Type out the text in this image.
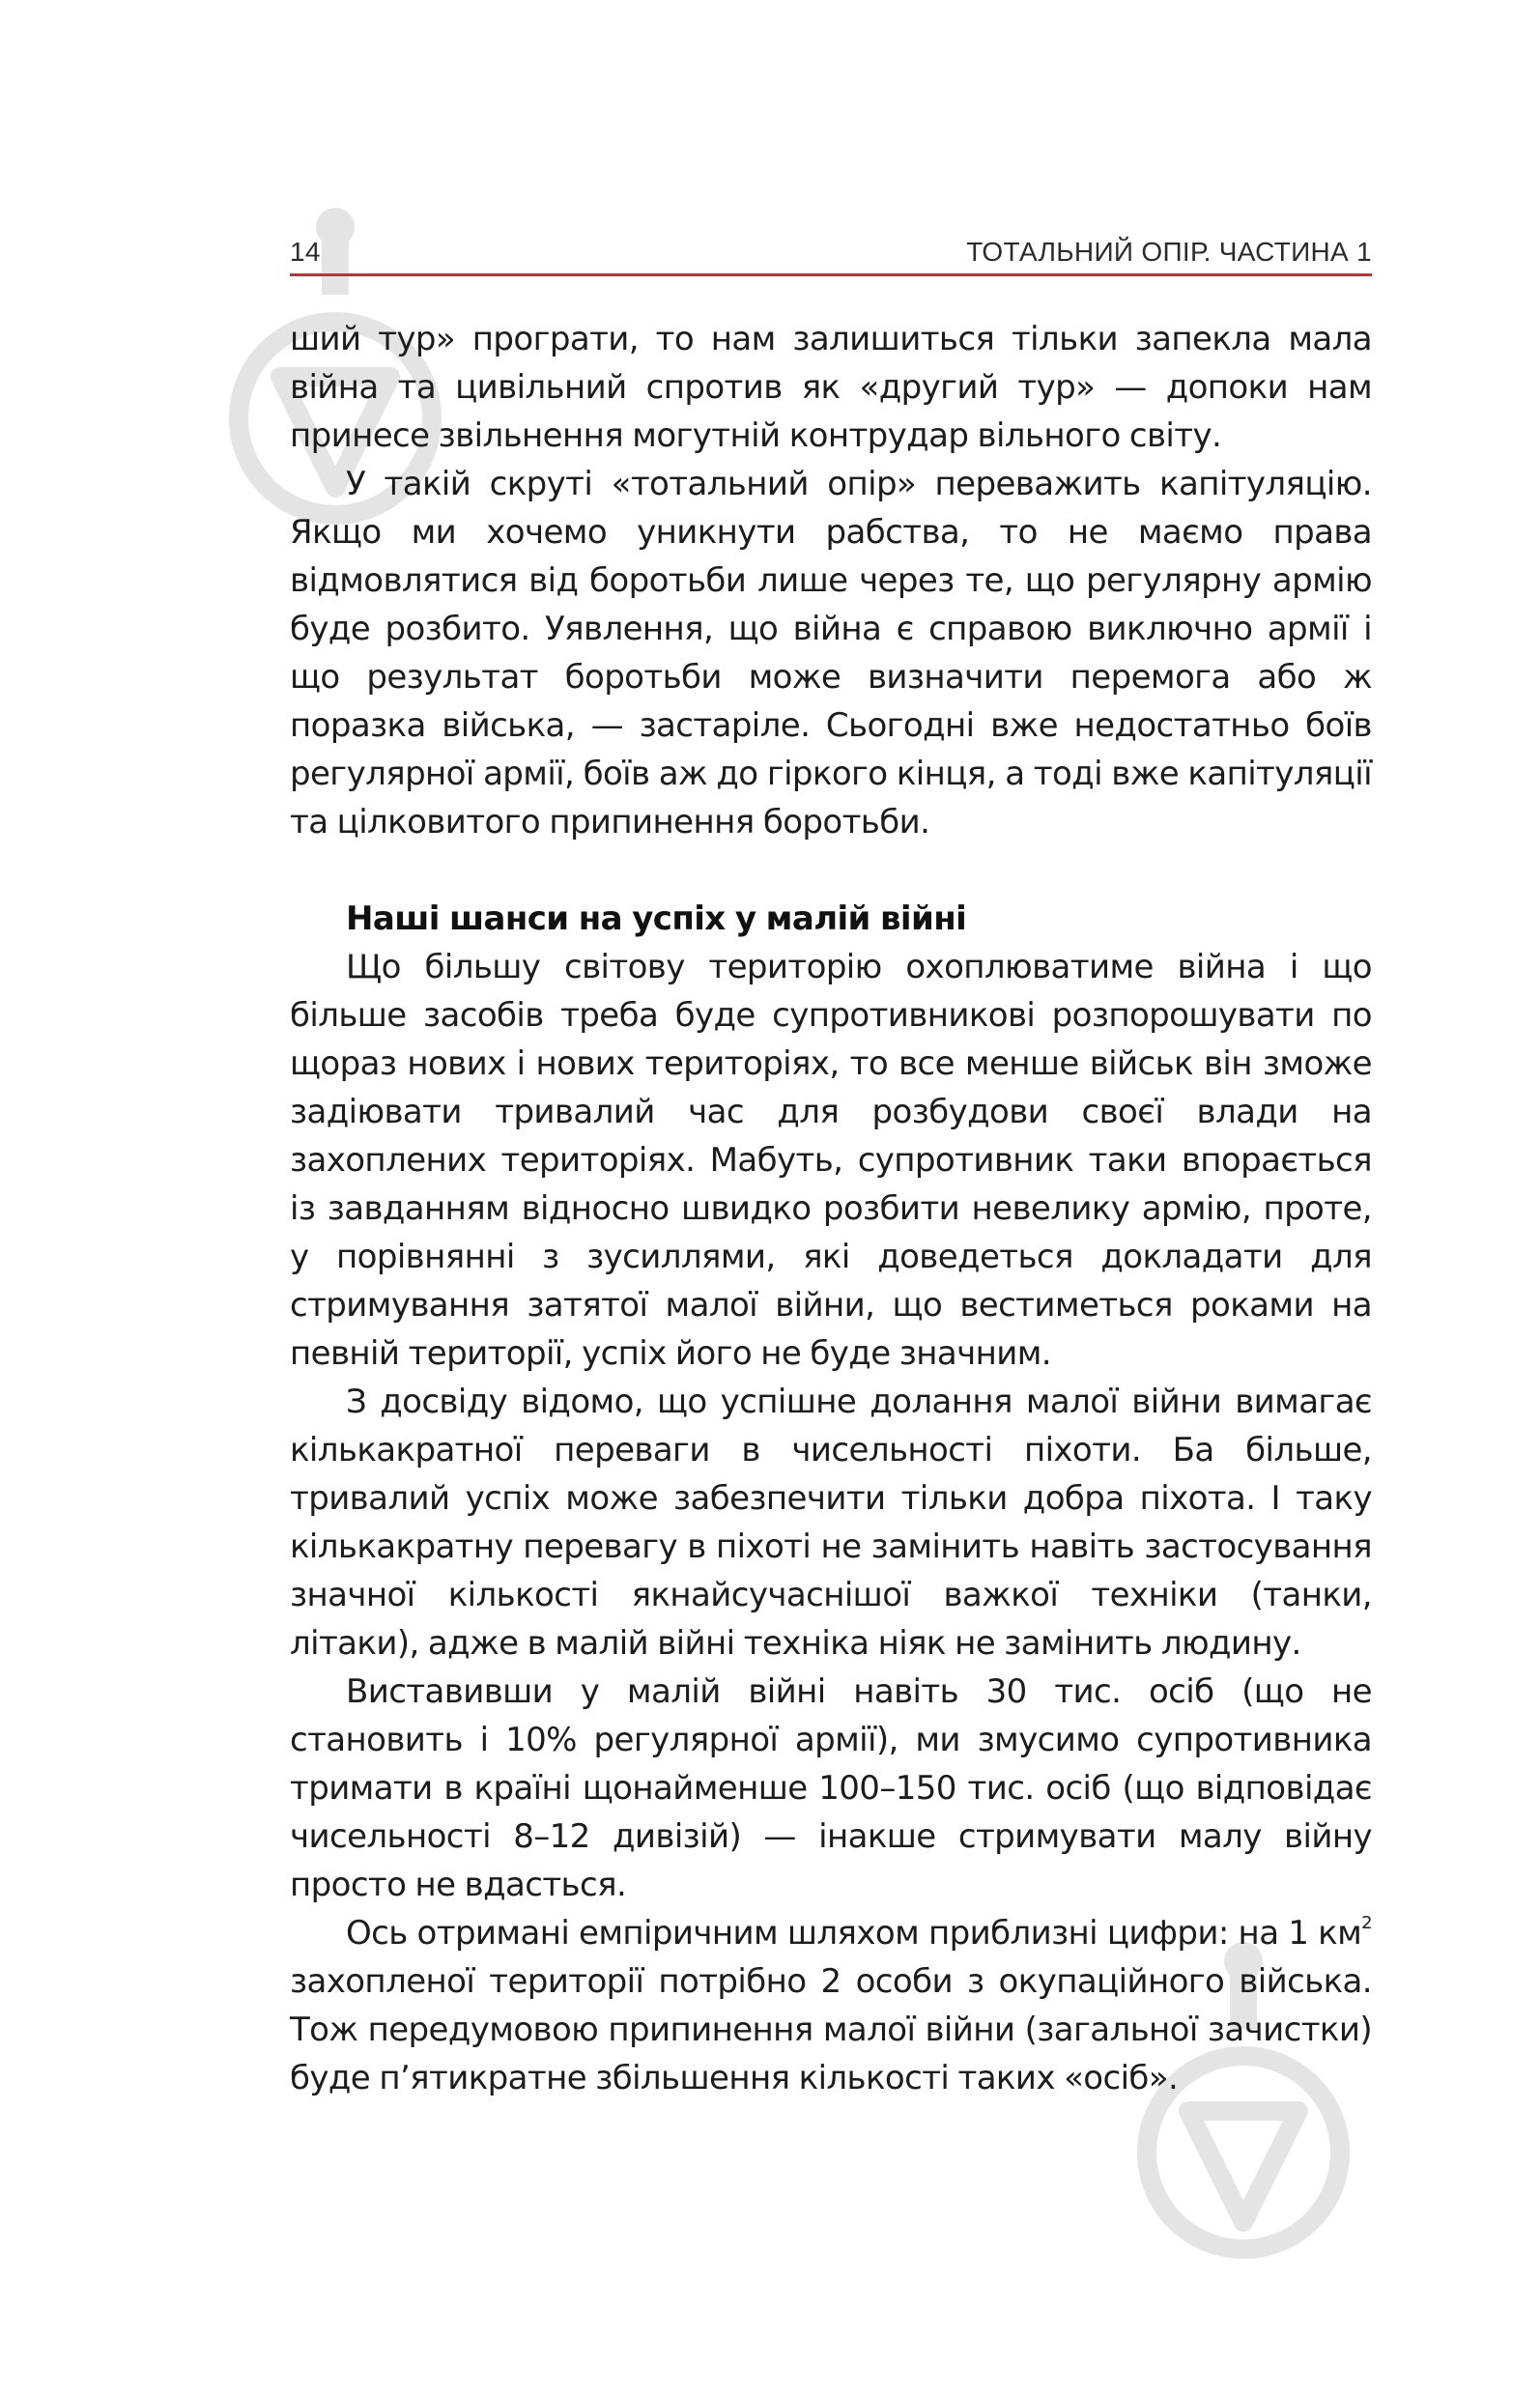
14	ТОТАЛЬНИЙ ОПІР. ЧАСТИНА 1

ший тур» програти, то нам залишиться тільки запекла мала війна та цивільний спротив як «другий тур» — допоки нам принесе звільнення могутній контрудар вільного світу.

У такій скруті «тотальний опір» переважить капітуляцію. Якщо ми хочемо уникнути рабства, то не маємо права відмовлятися від боротьби лише через те, що регулярну армію буде розбито. Уявлення, що війна є справою виключно армії і що результат боротьби може визначити перемога або ж поразка війська, — застаріле. Сьогодні вже недостатньо боїв регулярної армії, боїв аж до гіркого кінця, а тоді вже капітуляції та цілковитого припинення боротьби.

Наші шанси на успіх у малій війні

Що більшу світову територію охоплюватиме війна і що більше засобів треба буде супротивникові розпорошувати по щораз нових і нових територіях, то все менше військ він зможе задіювати тривалий час для розбудови своєї влади на захоплених територіях. Мабуть, супротивник таки впорається із завданням відносно швидко розбити невелику армію, проте, у порівнянні з зусиллями, які доведеться докладати для стримування затятої малої війни, що вестиметься роками на певній території, успіх його не буде значним.

З досвіду відомо, що успішне долання малої війни вимагає кількакратної переваги в чисельності піхоти. Ба більше, тривалий успіх може забезпечити тільки добра піхота. І таку кількакратну перевагу в піхоті не замінить навіть застосування значної кількості якнайсучаснішої важкої техніки (танки, літаки), адже в малій війні техніка ніяк не замінить людину.

Виставивши у малій війні навіть 30 тис. осіб (що не становить і 10% регулярної армії), ми змусимо супротивника тримати в країні щонайменше 100–150 тис. осіб (що відповідає чисельності 8–12 дивізій) — інакше стримувати малу війну просто не вдасться.

Ось отримані емпіричним шляхом приблизні цифри: на 1 $км^2$ захопленої території потрібно 2 особи з окупаційного війська. Тож передумовою припинення малої війни (загальної зачистки) буде п’ятикратне збільшення кількості таких «осіб».
